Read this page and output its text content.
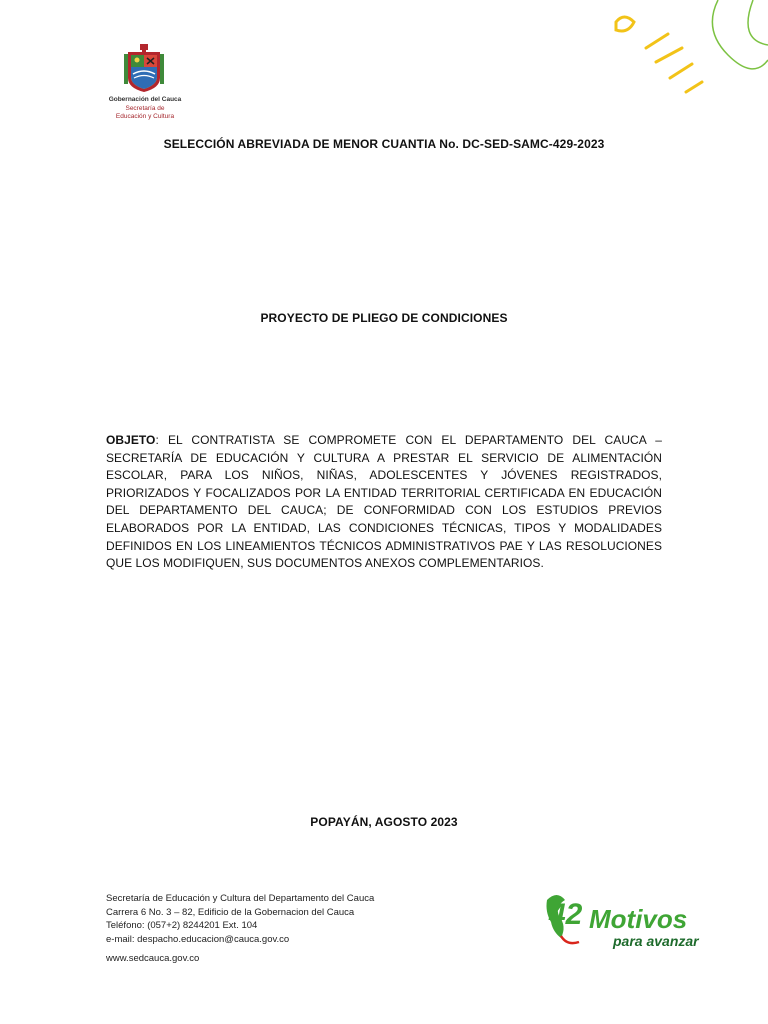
Gobernación del Cauca
Secretaría de
Educación y Cultura
SELECCIÓN ABREVIADA DE MENOR CUANTIA No. DC-SED-SAMC-429-2023
PROYECTO DE PLIEGO DE CONDICIONES
OBJETO: EL CONTRATISTA SE COMPROMETE CON EL DEPARTAMENTO DEL CAUCA – SECRETARÍA DE EDUCACIÓN Y CULTURA A PRESTAR EL SERVICIO DE ALIMENTACIÓN ESCOLAR, PARA LOS NIÑOS, NIÑAS, ADOLESCENTES Y JÓVENES REGISTRADOS, PRIORIZADOS Y FOCALIZADOS POR LA ENTIDAD TERRITORIAL CERTIFICADA EN EDUCACIÓN DEL DEPARTAMENTO DEL CAUCA; DE CONFORMIDAD CON LOS ESTUDIOS PREVIOS ELABORADOS POR LA ENTIDAD, LAS CONDICIONES TÉCNICAS, TIPOS Y MODALIDADES DEFINIDOS EN LOS LINEAMIENTOS TÉCNICOS ADMINISTRATIVOS PAE Y LAS RESOLUCIONES QUE LOS MODIFIQUEN, SUS DOCUMENTOS ANEXOS COMPLEMENTARIOS.
POPAYÁN, AGOSTO 2023
Secretaría de Educación y Cultura del Departamento del Cauca
Carrera 6 No. 3 – 82, Edificio de la Gobernacion del Cauca
Teléfono: (057+2) 8244201 Ext. 104
e-mail: despacho.educacion@cauca.gov.co
www.sedcauca.gov.co
42 Motivos
para avanzar
